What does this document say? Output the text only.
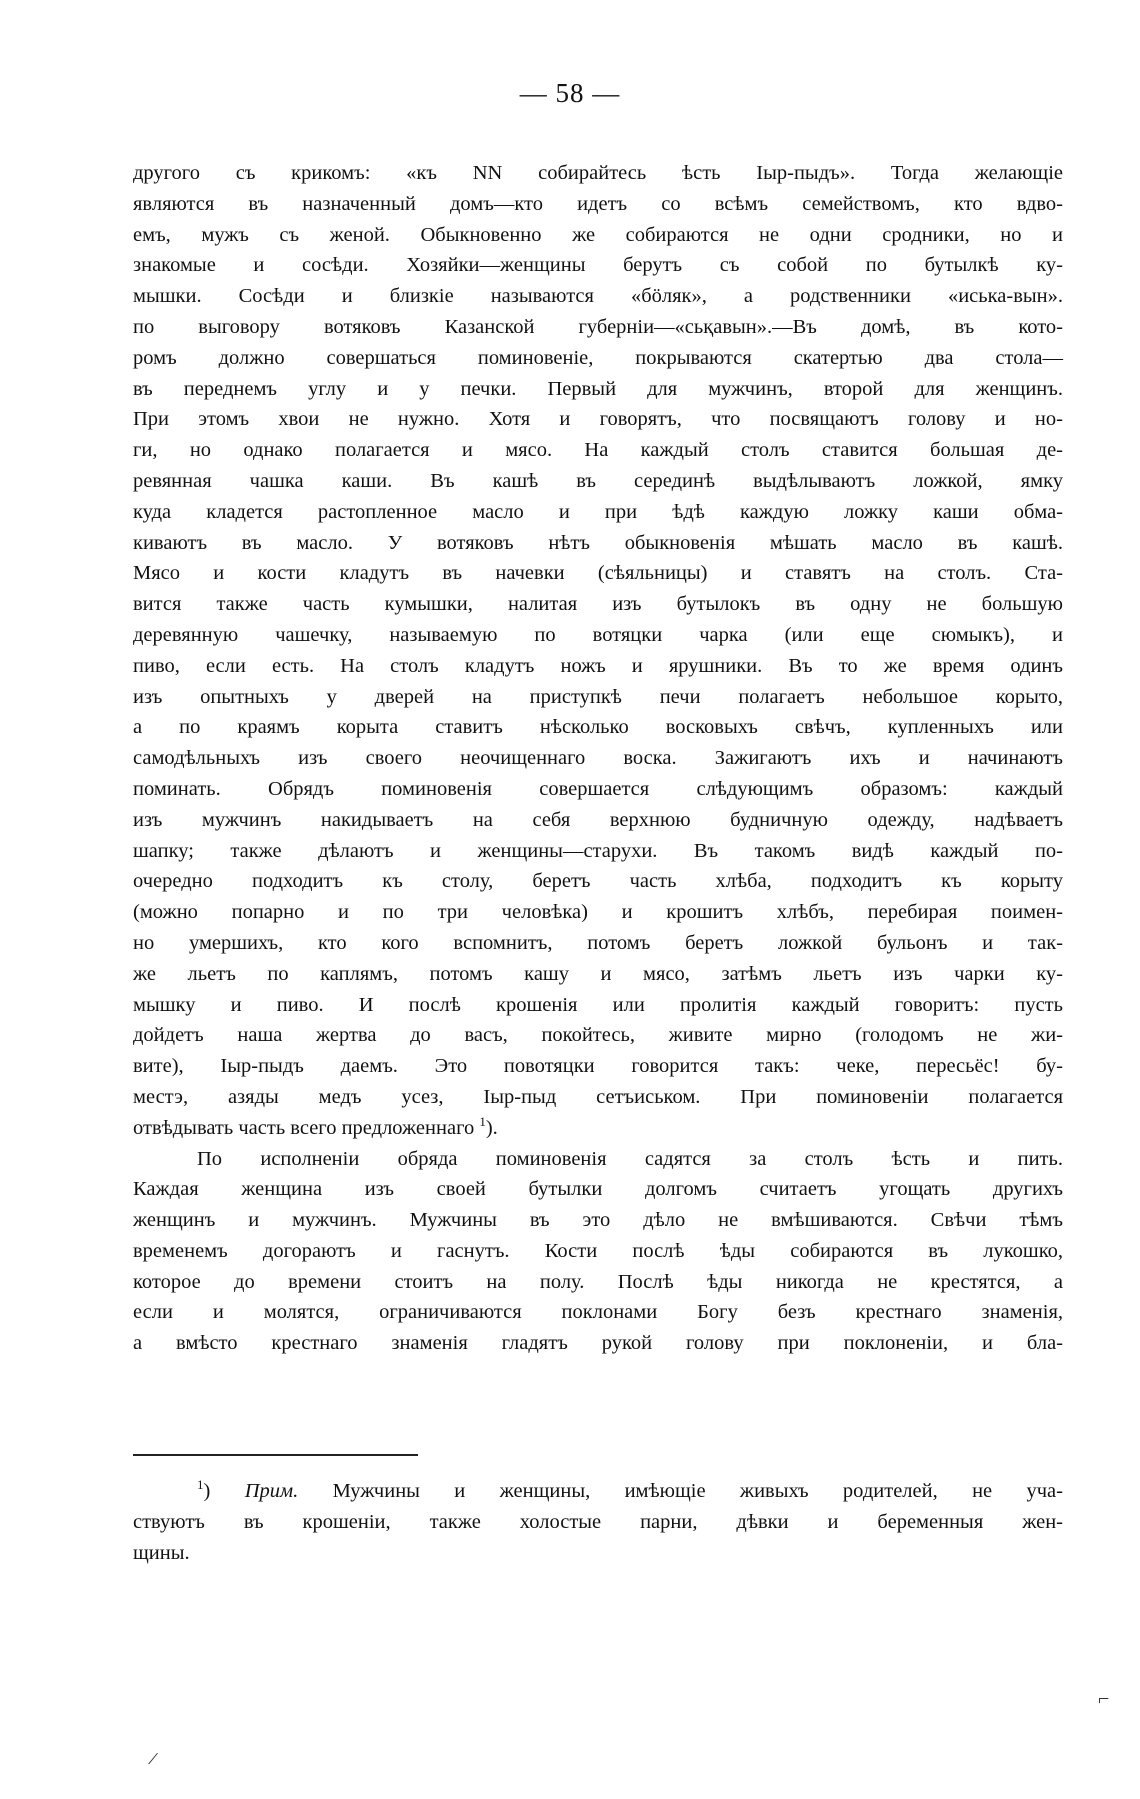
— 58 —
другого съ крикомъ: «къ NN собирайтесь ѣсть Іыр-пыдъ». Тогда желающіе
являются въ назначенный домъ—кто идетъ со всѣмъ семействомъ, кто вдво-
емъ, мужъ съ женой. Обыкновенно же собираются не одни сродники, но и
знакомые и сосѣди. Хозяйки—женщины берутъ съ собой по бутылкѣ ку-
мышки. Сосѣди и близкіе называются «бӧляк», а родственники «иська-вын».
по выговору вотяковъ Казанской губерніи—«сьқавын».—Въ домѣ, въ кото-
ромъ должно совершаться поминовеніе, покрываются скатертью два стола—
въ переднемъ углу и у печки. Первый для мужчинъ, второй для женщинъ.
При этомъ хвои не нужно. Хотя и говорятъ, что посвящаютъ голову и но-
ги, но однако полагается и мясо. На каждый столъ ставится большая де-
ревянная чашка каши. Въ кашѣ въ серединѣ выдѣлываютъ ложкой, ямку
куда кладется растопленное масло и при ѣдѣ каждую ложку каши обма-
киваютъ въ масло. У вотяковъ нѣтъ обыкновенія мѣшать масло въ кашѣ.
Мясо и кости кладутъ въ начевки (сѣяльницы) и ставятъ на столъ. Ста-
вится также часть кумышки, налитая изъ бутылокъ въ одну не большую
деревянную чашечку, называемую по вотяцки чарка (или еще сюмыкъ), и
пиво, если есть. На столъ кладутъ ножъ и ярушники. Въ то же время одинъ
изъ опытныхъ у дверей на приступкѣ печи полагаетъ небольшое корыто,
а по краямъ корыта ставитъ нѣсколько восковыхъ свѣчъ, купленныхъ или
самодѣльныхъ изъ своего неочищеннаго воска. Зажигаютъ ихъ и начинаютъ
поминать. Обрядъ поминовенія совершается слѣдующимъ образомъ: каждый
изъ мужчинъ накидываетъ на себя верхнюю будничную одежду, надѣваетъ
шапку; также дѣлаютъ и женщины—старухи. Въ такомъ видѣ каждый по-
очередно подходитъ къ столу, беретъ часть хлѣба, подходитъ къ корыту
(можно попарно и по три человѣка) и крошитъ хлѣбъ, перебирая поимен-
но умершихъ, кто кого вспомнитъ, потомъ беретъ ложкой бульонъ и так-
же льетъ по каплямъ, потомъ кашу и мясо, затѣмъ льетъ изъ чарки ку-
мышку и пиво. И послѣ крошенія или пролитія каждый говоритъ: пусть
дойдетъ наша жертва до васъ, покойтесь, живите мирно (голодомъ не жи-
вите), Іыр-пыдъ даемъ. Это повотяцки говорится такъ: чеке, пересьёс! бу-
местэ, азяды медъ усез, Іыр-пыд сетъиськом. При поминовеніи полагается
отвѣдывать часть всего предложеннаго $^1$).
По исполненіи обряда поминовенія садятся за столъ ѣсть и пить.
Каждая женщина изъ своей бутылки долгомъ считаетъ угощать другихъ
женщинъ и мужчинъ. Мужчины въ это дѣло не вмѣшиваются. Свѣчи тѣмъ
временемъ догораютъ и гаснутъ. Кости послѣ ѣды собираются въ лукошко,
которое до времени стоитъ на полу. Послѣ ѣды никогда не крестятся, а
если и молятся, ограничиваются поклонами Богу безъ крестнаго знаменія,
а вмѣсто крестнаго знаменія гладятъ рукой голову при поклоненіи, и бла-
$^1$) Прим. Мужчины и женщины, имѣющіе живыхъ родителей, не уча-
ствуютъ въ крошеніи, также холостые парни, дѣвки и беременныя жен-
щины.
/
⌐
